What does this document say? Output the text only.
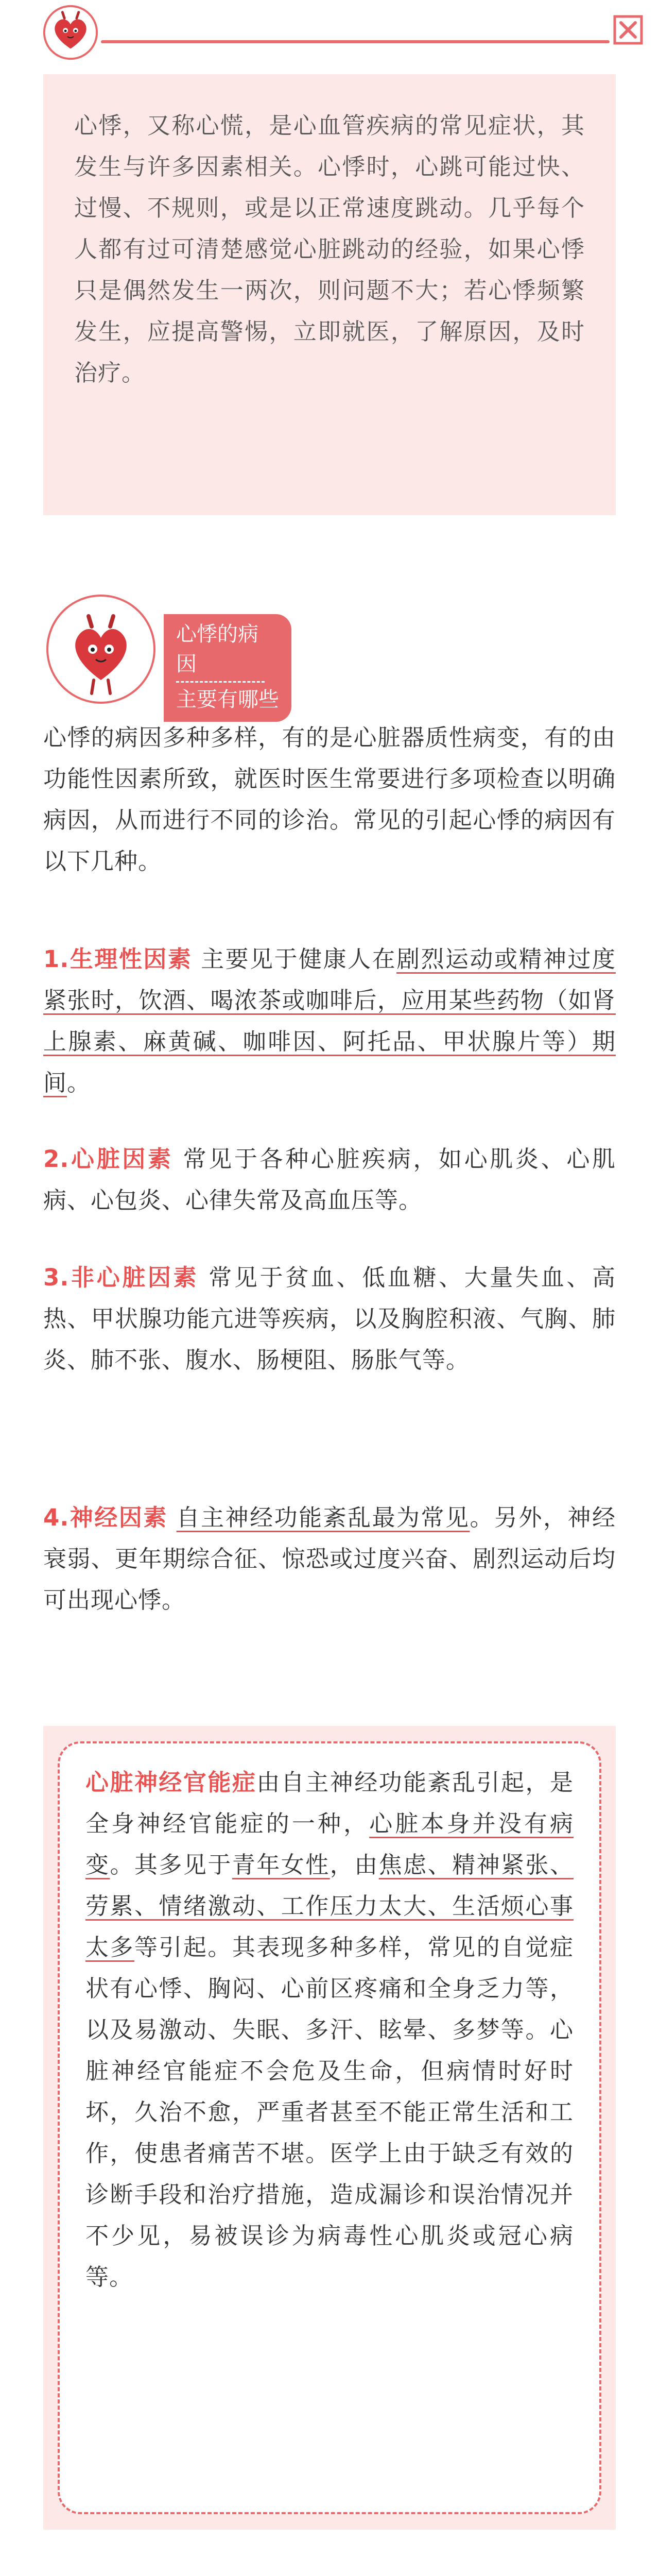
心悸，又称心慌，是心血管疾病的常见症状，其发生与许多因素相关。心悸时，心跳可能过快、过慢、不规则，或是以正常速度跳动。几乎每个人都有过可清楚感觉心脏跳动的经验，如果心悸只是偶然发生一两次，则问题不大；若心悸频繁发生，应提高警惕，立即就医，了解原因，及时治疗。

心悸的病因
主要有哪些
心悸的病因多种多样，有的是心脏器质性病变，有的由功能性因素所致，就医时医生常要进行多项检查以明确病因，从而进行不同的诊治。常见的引起心悸的病因有以下几种。
1.生理性因素 主要见于健康人在剧烈运动或精神过度紧张时，饮酒、喝浓茶或咖啡后，应用某些药物（如肾上腺素、麻黄碱、咖啡因、阿托品、甲状腺片等）期间。
2.心脏因素 常见于各种心脏疾病，如心肌炎、心肌病、心包炎、心律失常及高血压等。
3.非心脏因素 常见于贫血、低血糖、大量失血、高热、甲状腺功能亢进等疾病，以及胸腔积液、气胸、肺炎、肺不张、腹水、肠梗阻、肠胀气等。
4.神经因素 自主神经功能紊乱最为常见。另外，神经衰弱、更年期综合征、惊恐或过度兴奋、剧烈运动后均可出现心悸。
心脏神经官能症由自主神经功能紊乱引起，是全身神经官能症的一种，心脏本身并没有病变。其多见于青年女性，由焦虑、精神紧张、劳累、情绪激动、工作压力太大、生活烦心事太多等引起。其表现多种多样，常见的自觉症状有心悸、胸闷、心前区疼痛和全身乏力等，以及易激动、失眠、多汗、眩晕、多梦等。心脏神经官能症不会危及生命，但病情时好时坏，久治不愈，严重者甚至不能正常生活和工作，使患者痛苦不堪。医学上由于缺乏有效的诊断手段和治疗措施，造成漏诊和误治情况并不少见，易被误诊为病毒性心肌炎或冠心病等。
